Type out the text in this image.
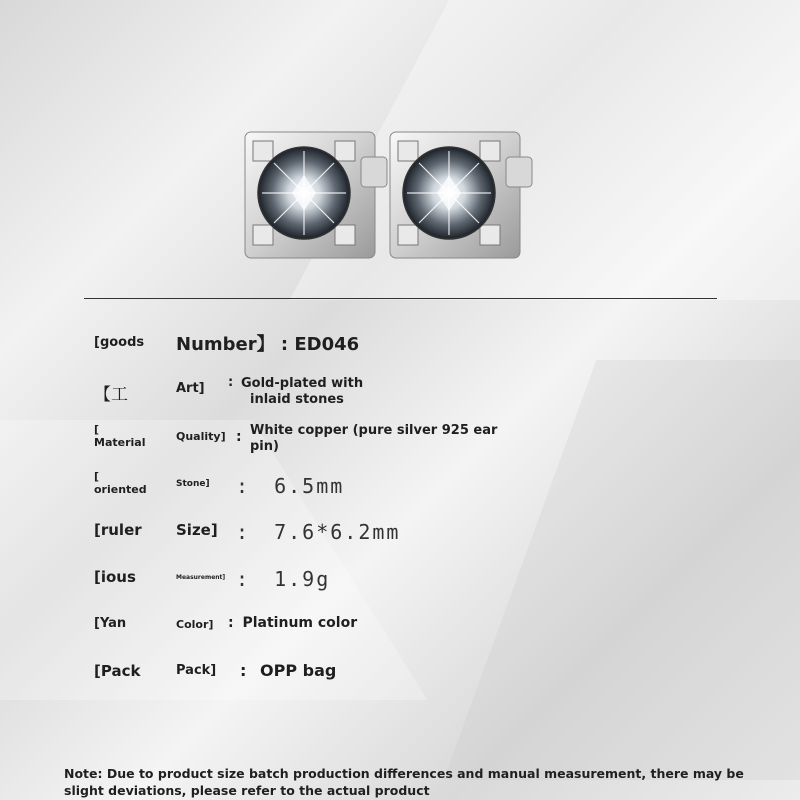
[goods Number】 : ED046
【工	Art] : Gold-plated with
inlaid stones
[
Material	Quality] : White copper (pure silver 925 ear
pin)
[
oriented	Stone] : 6.5mm
[ruler Size] : 7.6*6.2mm
[ious	Measurement] : 1.9g
[Yan	Color] : Platinum color
[Pack	Pack] : OPP bag
Note: Due to product size batch production differences and manual measurement, there may be slight deviations, please refer to the actual product
